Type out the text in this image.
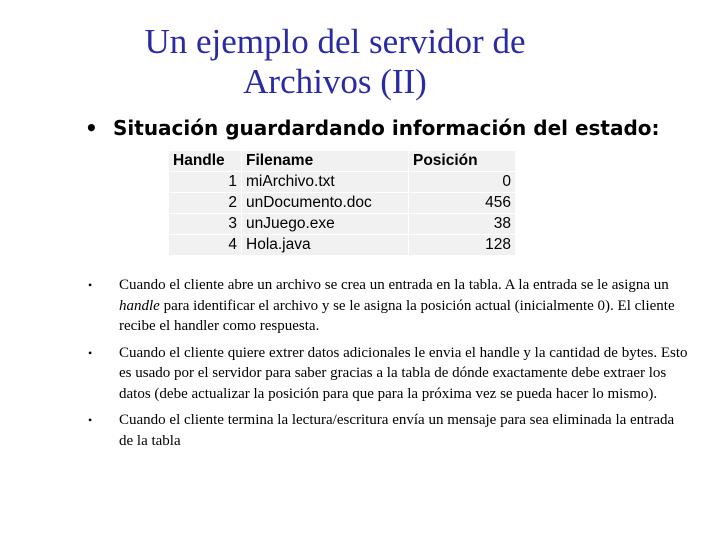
Un ejemplo del servidor de
Archivos (II)
• Situación guardardando información del estado:
Handle	Filename	Posición
1	miArchivo.txt	0
2	unDocumento.doc	456
3	unJuego.exe	38
4	Hola.java	128
• Cuando el cliente abre un archivo se crea un entrada en la tabla. A la entrada se le asigna un handle para identificar el archivo y se le asigna la posición actual (inicialmente 0). El cliente recibe el handler como respuesta.
• Cuando el cliente quiere extrer datos adicionales le envia el handle y la cantidad de bytes. Esto es usado por el servidor para saber gracias a la tabla de dónde exactamente debe extraer los datos (debe actualizar la posición para que para la próxima vez se pueda hacer lo mismo).
• Cuando el cliente termina la lectura/escritura envía un mensaje para sea eliminada la entrada de la tabla
